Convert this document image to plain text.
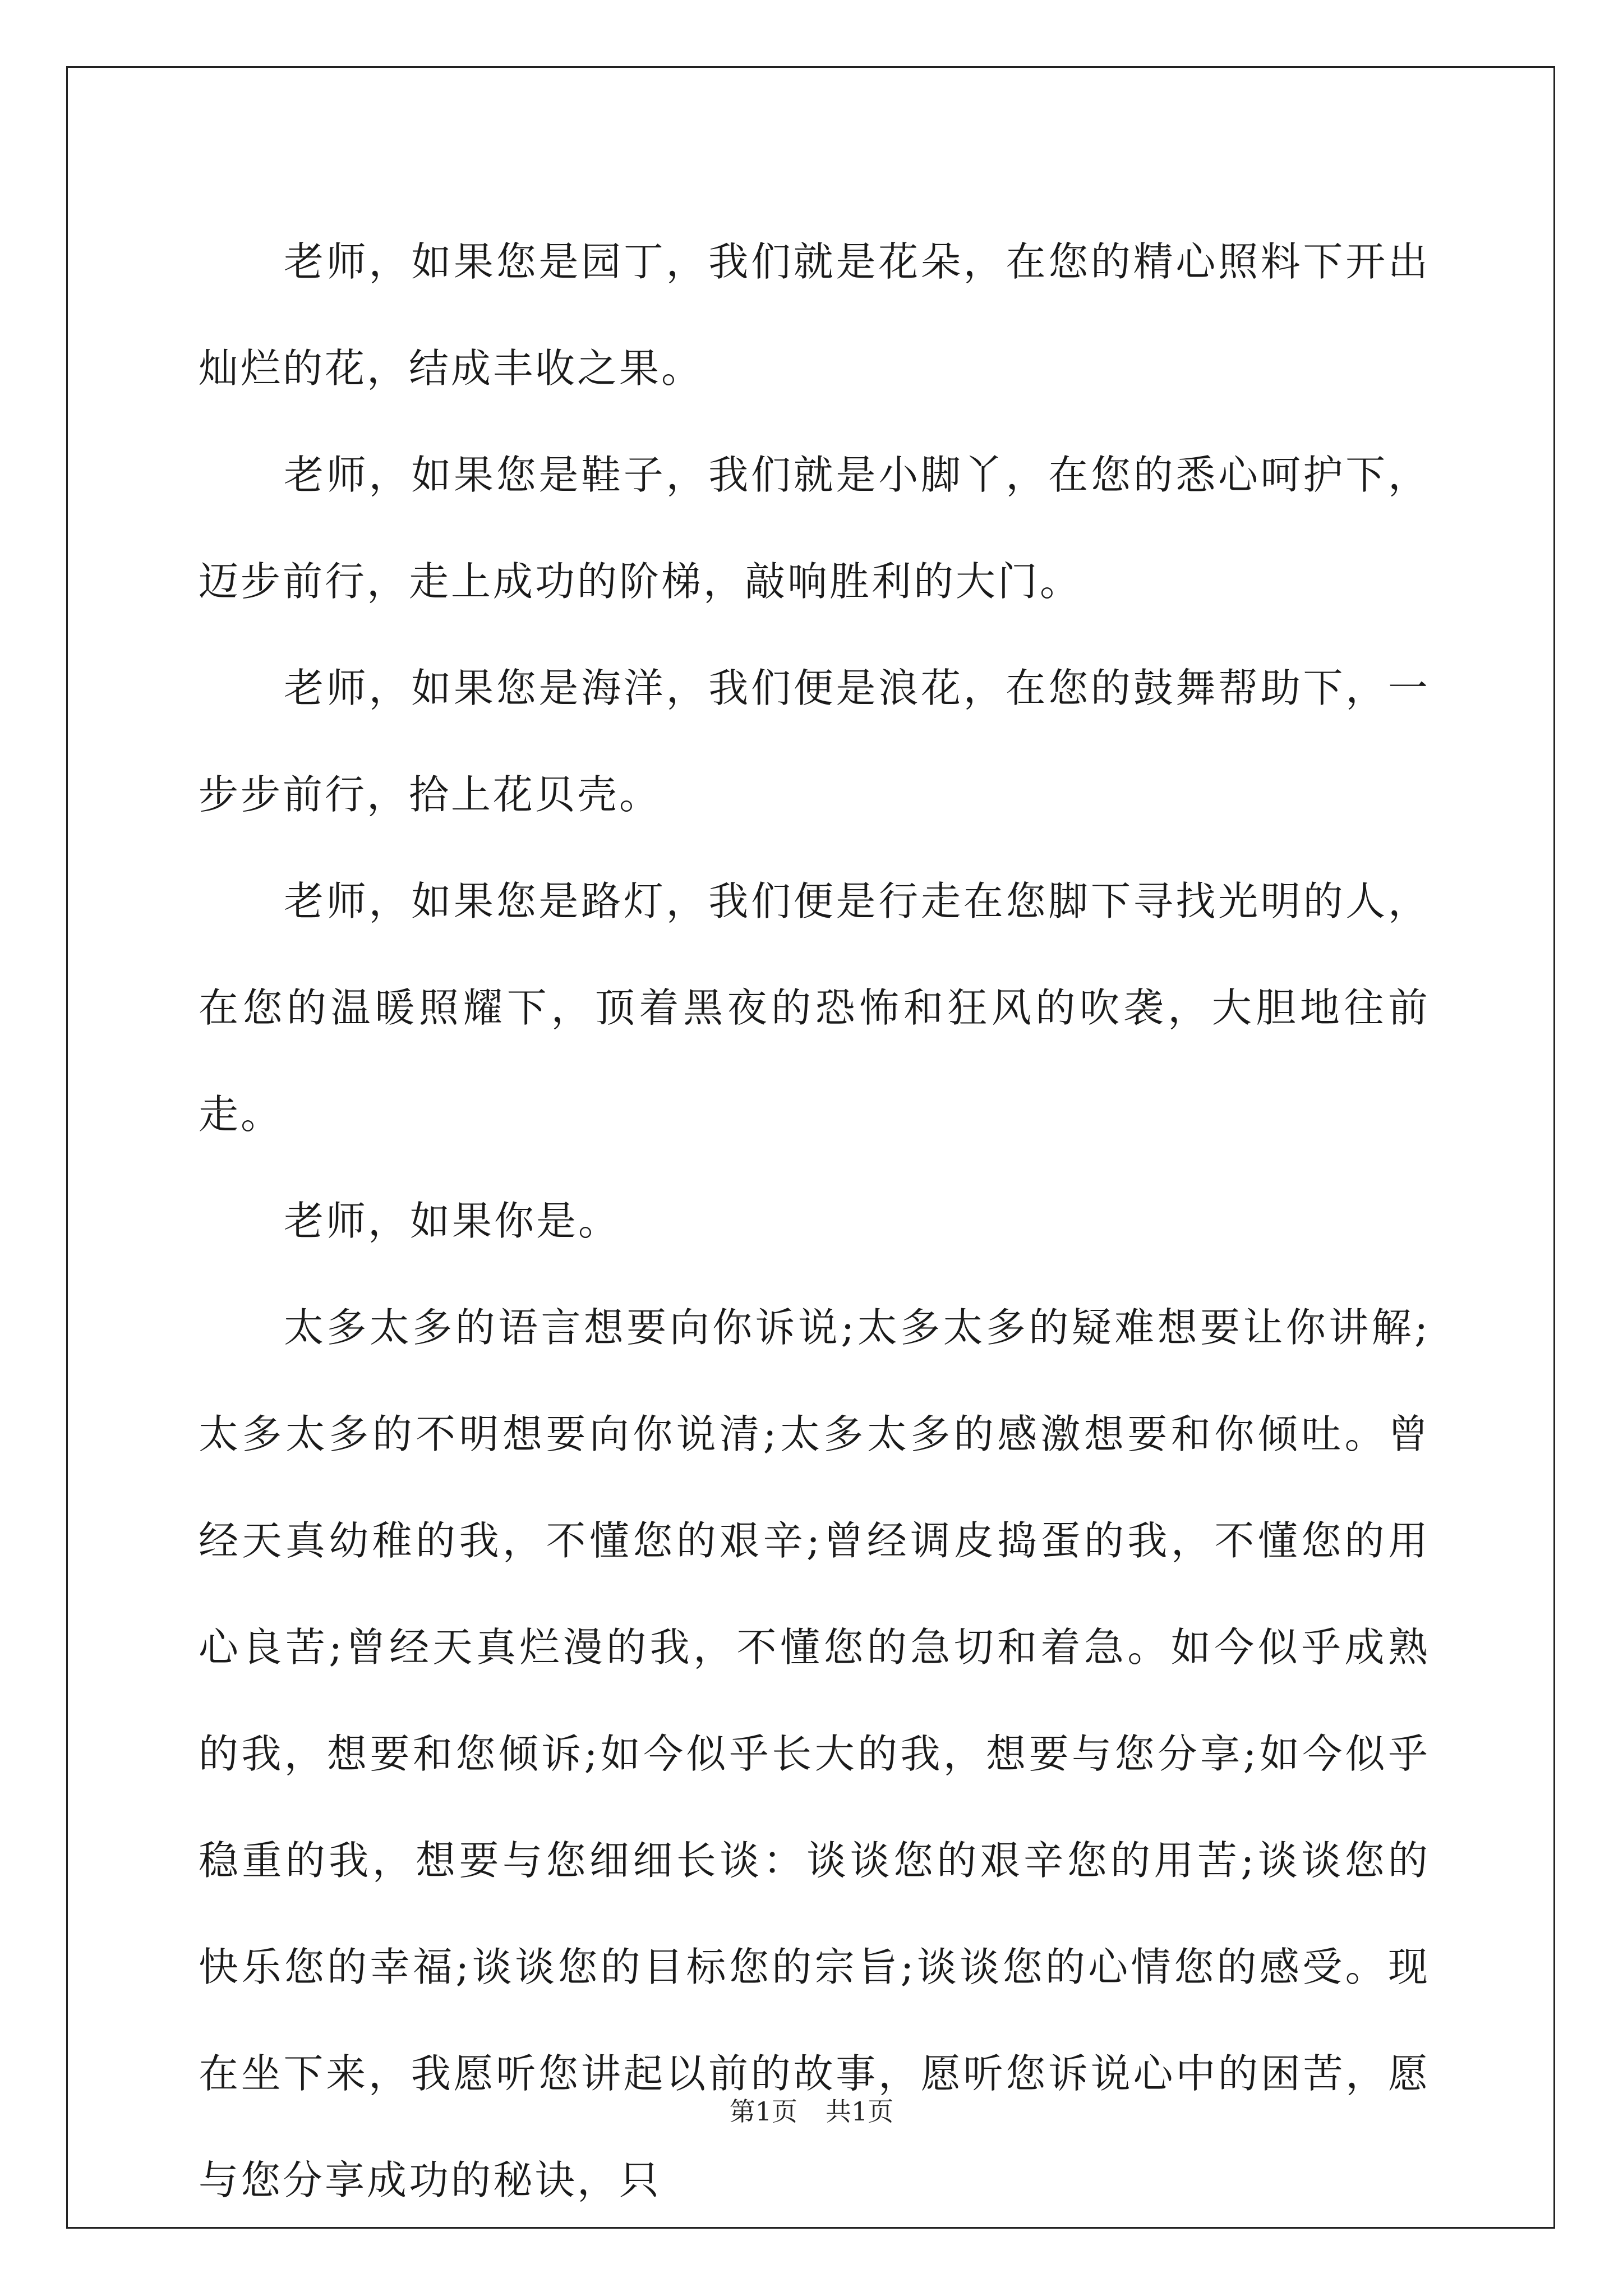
老师，如果您是园丁，我们就是花朵，在您的精心照料下开出灿烂的花，结成丰收之果。

老师，如果您是鞋子，我们就是小脚丫，在您的悉心呵护下，迈步前行，走上成功的阶梯，敲响胜利的大门。

老师，如果您是海洋，我们便是浪花，在您的鼓舞帮助下，一步步前行，拾上花贝壳。

老师，如果您是路灯，我们便是行走在您脚下寻找光明的人，在您的温暖照耀下，顶着黑夜的恐怖和狂风的吹袭，大胆地往前走。

老师，如果你是。

太多太多的语言想要向你诉说;太多太多的疑难想要让你讲解;太多太多的不明想要向你说清;太多太多的感激想要和你倾吐。曾经天真幼稚的我，不懂您的艰辛;曾经调皮捣蛋的我，不懂您的用心良苦;曾经天真烂漫的我，不懂您的急切和着急。如今似乎成熟的我，想要和您倾诉;如今似乎长大的我，想要与您分享;如今似乎稳重的我，想要与您细细长谈：谈谈您的艰辛您的用苦;谈谈您的快乐您的幸福;谈谈您的目标您的宗旨;谈谈您的心情您的感受。现在坐下来，我愿听您讲起以前的故事，愿听您诉说心中的困苦，愿与您分享成功的秘诀，只

第1页 共1页
